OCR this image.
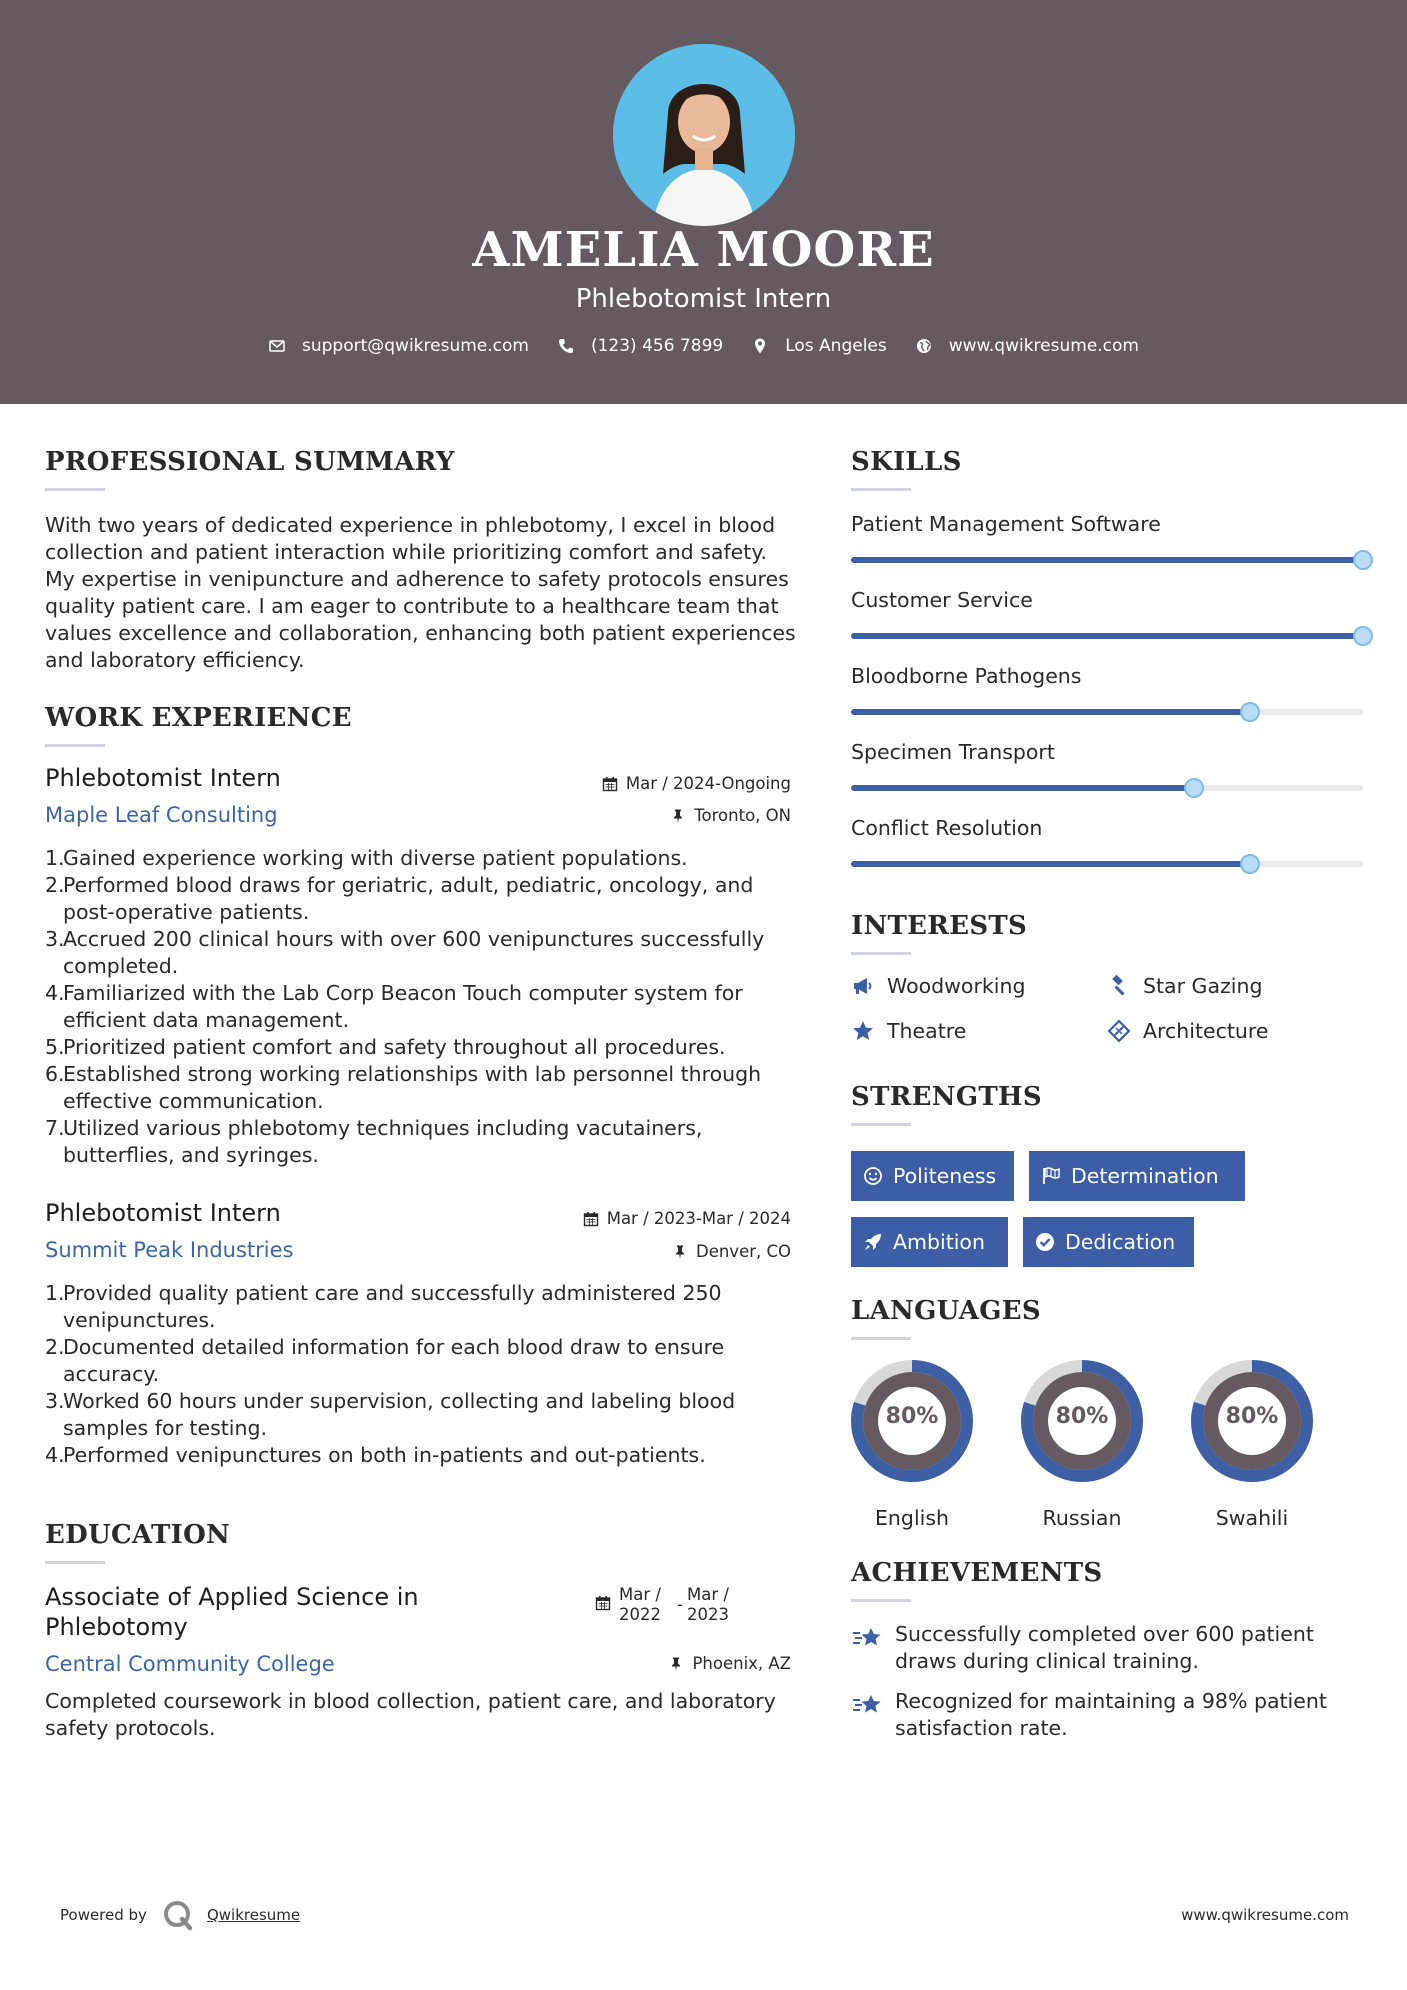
AMELIA MOORE
Phlebotomist Intern
support@qwikresume.com	(123) 456 7899	Los Angeles	www.qwikresume.com
PROFESSIONAL SUMMARY
With two years of dedicated experience in phlebotomy, I excel in blood collection and patient interaction while prioritizing comfort and safety. My expertise in venipuncture and adherence to safety protocols ensures quality patient care. I am eager to contribute to a healthcare team that values excellence and collaboration, enhancing both patient experiences and laboratory efficiency.
WORK EXPERIENCE
Phlebotomist Intern	Mar / 2024-Ongoing
Maple Leaf Consulting	Toronto, ON
1.
Gained experience working with diverse patient populations.
2.
Performed blood draws for geriatric, adult, pediatric, oncology, and post-operative patients.
3.
Accrued 200 clinical hours with over 600 venipunctures successfully completed.
4.
Familiarized with the Lab Corp Beacon Touch computer system for efficient data management.
5.
Prioritized patient comfort and safety throughout all procedures.
6.
Established strong working relationships with lab personnel through effective communication.
7.
Utilized various phlebotomy techniques including vacutainers, butterflies, and syringes.
Phlebotomist Intern	Mar / 2023-Mar / 2024
Summit Peak Industries	Denver, CO
1.
Provided quality patient care and successfully administered 250 venipunctures.
2.
Documented detailed information for each blood draw to ensure accuracy.
3.
Worked 60 hours under supervision, collecting and labeling blood samples for testing.
4.
Performed venipunctures on both in-patients and out-patients.
EDUCATION
Associate of Applied Science in Phlebotomy
Mar / 2022
-
Mar / 2023
Central Community College	Phoenix, AZ
Completed coursework in blood collection, patient care, and laboratory safety protocols.
SKILLS
Patient Management Software
Customer Service
Bloodborne Pathogens
Specimen Transport
Conflict Resolution
INTERESTS
Woodworking	Star Gazing
Theatre	Architecture
STRENGTHS
Politeness	Determination
Ambition	Dedication
LANGUAGES
80%
English
80%
Russian
80%
Swahili
ACHIEVEMENTS
Successfully completed over 600 patient draws during clinical training.
Recognized for maintaining a 98% patient satisfaction rate.
Powered by	Qwikresume	www.qwikresume.com
